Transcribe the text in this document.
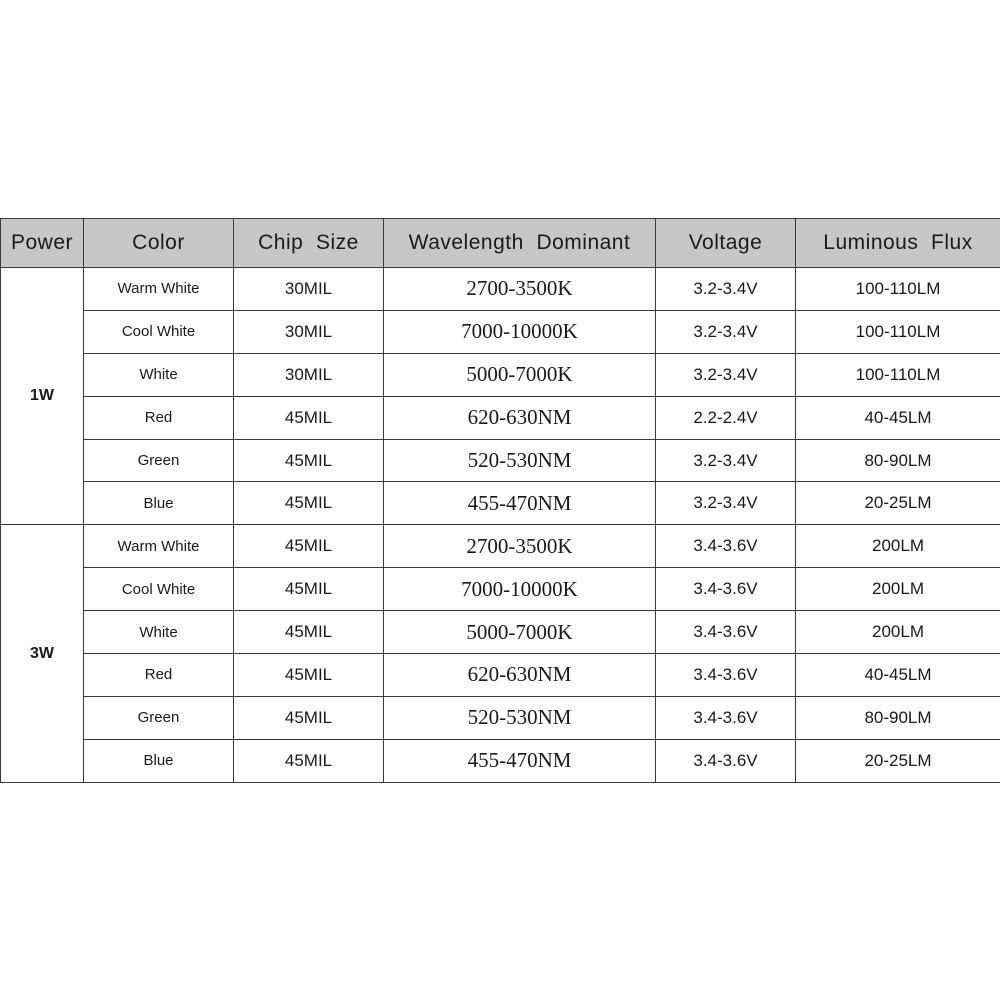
Power	Color	Chip  Size	Wavelength  Dominant	Voltage	Luminous  Flux
1W	Warm White	30MIL	2700-3500K	3.2-3.4V	100-110LM
	Cool White	30MIL	7000-10000K	3.2-3.4V	100-110LM
	White	30MIL	5000-7000K	3.2-3.4V	100-110LM
	Red	45MIL	620-630NM	2.2-2.4V	40-45LM
	Green	45MIL	520-530NM	3.2-3.4V	80-90LM
	Blue	45MIL	455-470NM	3.2-3.4V	20-25LM
3W	Warm White	45MIL	2700-3500K	3.4-3.6V	200LM
	Cool White	45MIL	7000-10000K	3.4-3.6V	200LM
	White	45MIL	5000-7000K	3.4-3.6V	200LM
	Red	45MIL	620-630NM	3.4-3.6V	40-45LM
	Green	45MIL	520-530NM	3.4-3.6V	80-90LM
	Blue	45MIL	455-470NM	3.4-3.6V	20-25LM
